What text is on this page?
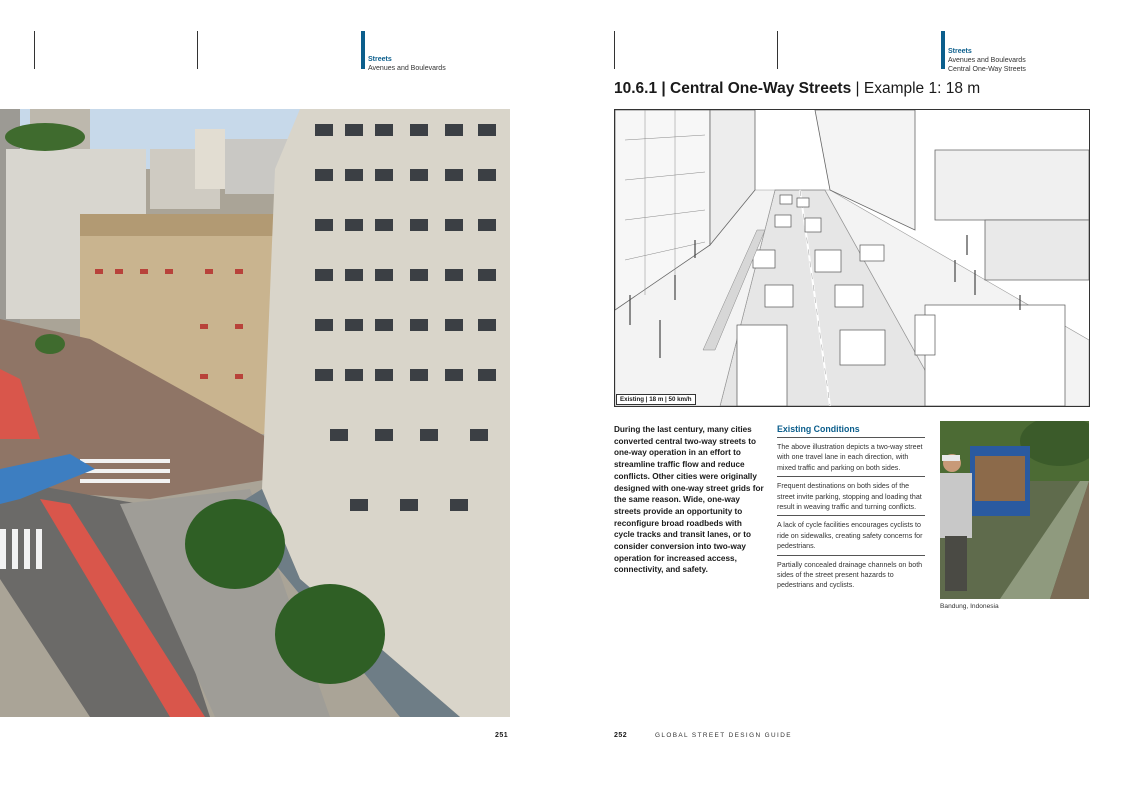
Streets
Avenues and Boulevards
251
Streets
Avenues and Boulevards
Central One-Way Streets
10.6.1 | Central One-Way Streets | Example 1: 18 m
Existing | 18 m | 50 km/h
During the last century, many cities converted central two-way streets to one-way operation in an effort to streamline traffic flow and reduce conflicts. Other cities were originally designed with one-way street grids for the same reason. Wide, one-way streets provide an opportunity to reconfigure broad roadbeds with cycle tracks and transit lanes, or to consider conversion into two-way operation for increased access, connectivity, and safety.
Existing Conditions
The above illustration depicts a two-way street with one travel lane in each direction, with mixed traffic and parking on both sides.
Frequent destinations on both sides of the street invite parking, stopping and loading that result in weaving traffic and turning conflicts.
A lack of cycle facilities encourages cyclists to ride on sidewalks, creating safety concerns for pedestrians.
Partially concealed drainage channels on both sides of the street present hazards to pedestrians and cyclists.
Bandung, Indonesia
252	GLOBAL STREET DESIGN GUIDE
